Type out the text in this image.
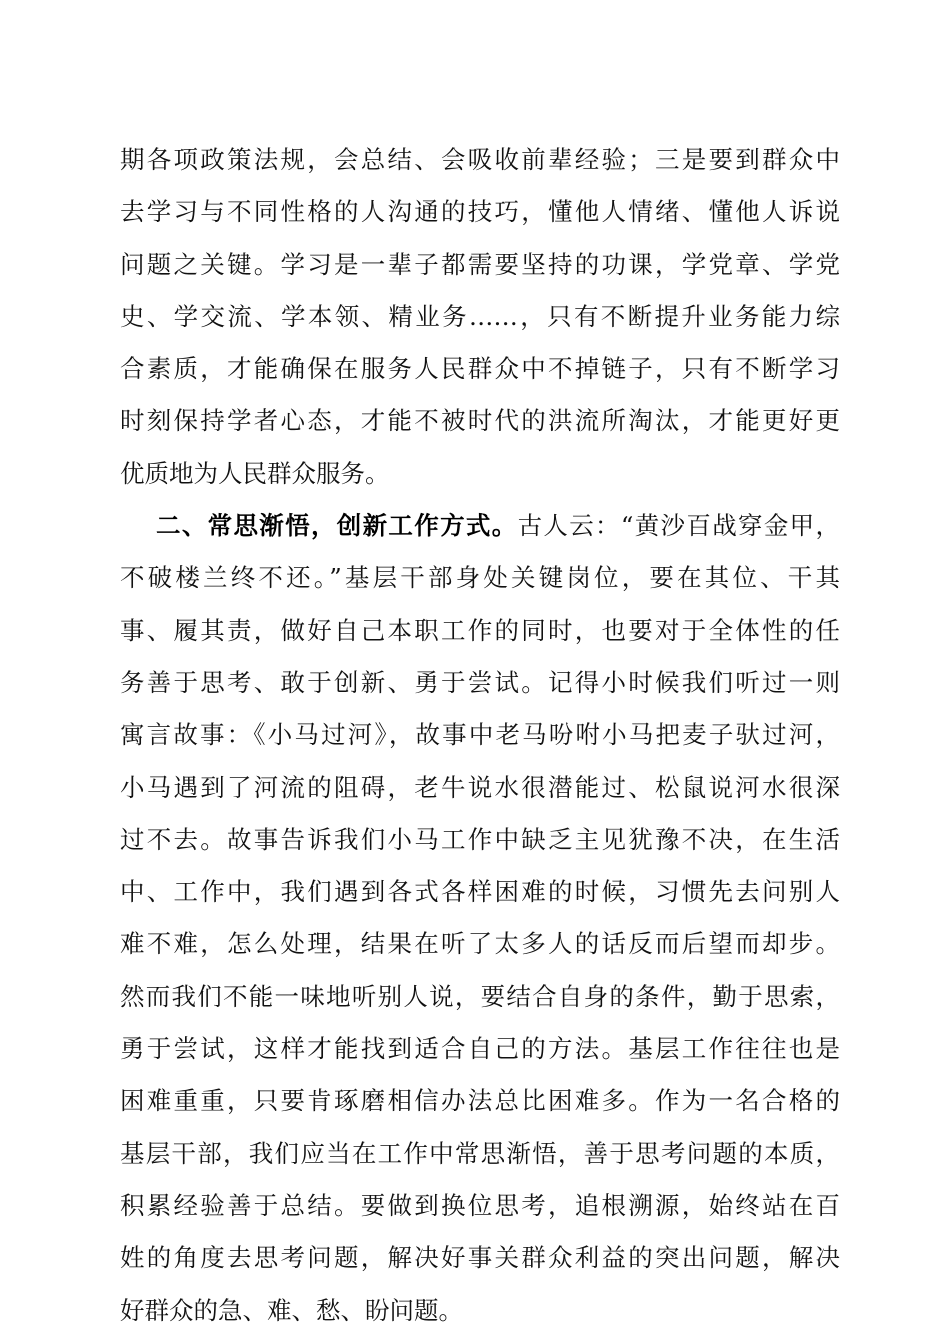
期各项政策法规，会总结、会吸收前辈经验；三是要到群众中
去学习与不同性格的人沟通的技巧，懂他人情绪、懂他人诉说
问题之关键。学习是一辈子都需要坚持的功课，学党章、学党
史、学交流、学本领、精业务……，只有不断提升业务能力综
合素质，才能确保在服务人民群众中不掉链子，只有不断学习
时刻保持学者心态，才能不被时代的洪流所淘汰，才能更好更
优质地为人民群众服务。
二、常思渐悟，创新工作方式。古人云：“黄沙百战穿金甲，
不破楼兰终不还。”基层干部身处关键岗位，要在其位、干其
事、履其责，做好自己本职工作的同时，也要对于全体性的任
务善于思考、敢于创新、勇于尝试。记得小时候我们听过一则
寓言故事：《小马过河》，故事中老马吩咐小马把麦子驮过河，
小马遇到了河流的阻碍，老牛说水很潜能过、松鼠说河水很深
过不去。故事告诉我们小马工作中缺乏主见犹豫不决，在生活
中、工作中，我们遇到各式各样困难的时候，习惯先去问别人
难不难，怎么处理，结果在听了太多人的话反而后望而却步。
然而我们不能一味地听别人说，要结合自身的条件，勤于思索，
勇于尝试，这样才能找到适合自己的方法。基层工作往往也是
困难重重，只要肯琢磨相信办法总比困难多。作为一名合格的
基层干部，我们应当在工作中常思渐悟，善于思考问题的本质，
积累经验善于总结。要做到换位思考，追根溯源，始终站在百
姓的角度去思考问题，解决好事关群众利益的突出问题，解决
好群众的急、难、愁、盼问题。
